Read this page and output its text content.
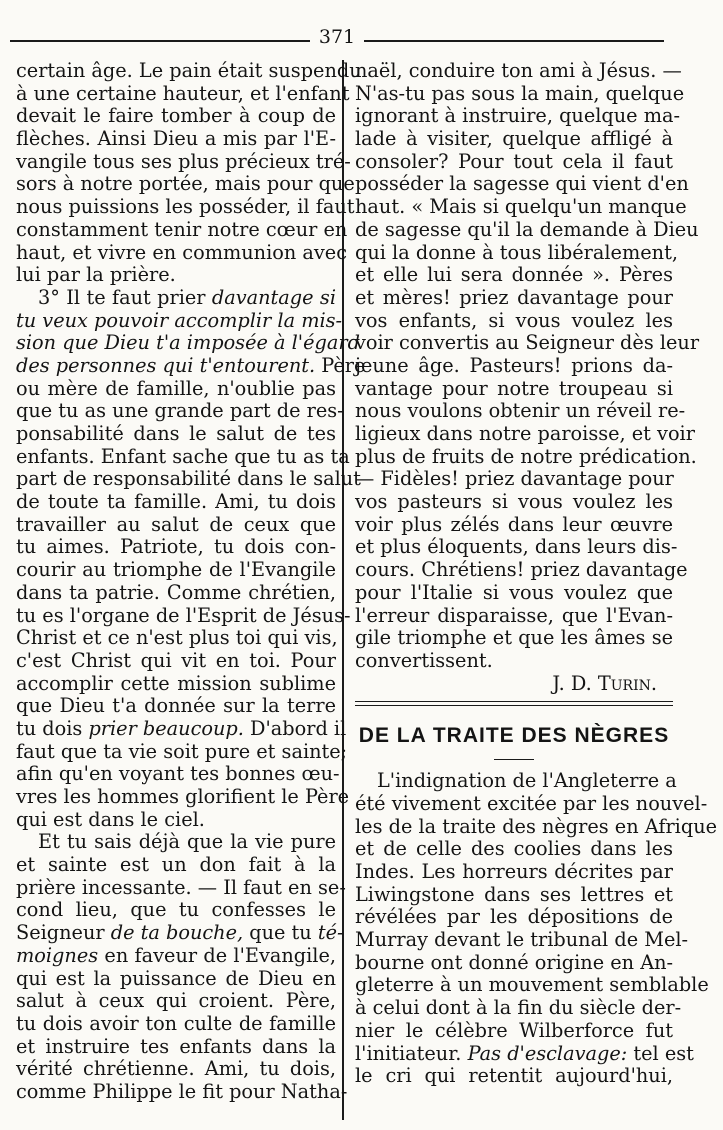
371
certain âge. Le pain était suspendu
à une certaine hauteur, et l'enfant
devait le faire tomber à coup de
flèches. Ainsi Dieu a mis par l'E-
vangile tous ses plus précieux tré-
sors à notre portée, mais pour que
nous puissions les posséder, il faut
constamment tenir notre cœur en
haut, et vivre en communion avec
lui par la prière.
3° Il te faut prier davantage si
tu veux pouvoir accomplir la mis-
sion que Dieu t'a imposée à l'égard
des personnes qui t'entourent. Père
ou mère de famille, n'oublie pas
que tu as une grande part de res-
ponsabilité dans le salut de tes
enfants. Enfant sache que tu as ta
part de responsabilité dans le salut
de toute ta famille. Ami, tu dois
travailler au salut de ceux que
tu aimes. Patriote, tu dois con-
courir au triomphe de l'Evangile
dans ta patrie. Comme chrétien,
tu es l'organe de l'Esprit de Jésus-
Christ et ce n'est plus toi qui vis,
c'est Christ qui vit en toi. Pour
accomplir cette mission sublime
que Dieu t'a donnée sur la terre
tu dois prier beaucoup. D'abord il
faut que ta vie soit pure et sainte;
afin qu'en voyant tes bonnes œu-
vres les hommes glorifient le Père
qui est dans le ciel.
Et tu sais déjà que la vie pure
et sainte est un don fait à la
prière incessante. — Il faut en se-
cond lieu, que tu confesses le
Seigneur de ta bouche, que tu té-
moignes en faveur de l'Evangile,
qui est la puissance de Dieu en
salut à ceux qui croient. Père,
tu dois avoir ton culte de famille
et instruire tes enfants dans la
vérité chrétienne. Ami, tu dois,
comme Philippe le fit pour Natha-
naël, conduire ton ami à Jésus. —
N'as-tu pas sous la main, quelque
ignorant à instruire, quelque ma-
lade à visiter, quelque affligé à
consoler? Pour tout cela il faut
posséder la sagesse qui vient d'en
haut. « Mais si quelqu'un manque
de sagesse qu'il la demande à Dieu
qui la donne à tous libéralement,
et elle lui sera donnée ». Pères
et mères! priez davantage pour
vos enfants, si vous voulez les
voir convertis au Seigneur dès leur
jeune âge. Pasteurs! prions da-
vantage pour notre troupeau si
nous voulons obtenir un réveil re-
ligieux dans notre paroisse, et voir
plus de fruits de notre prédication.
— Fidèles! priez davantage pour
vos pasteurs si vous voulez les
voir plus zélés dans leur œuvre
et plus éloquents, dans leurs dis-
cours. Chrétiens! priez davantage
pour l'Italie si vous voulez que
l'erreur disparaisse, que l'Evan-
gile triomphe et que les âmes se
convertissent.
J. D. Turin.
DE LA TRAITE DES NÈGRES
L'indignation de l'Angleterre a
été vivement excitée par les nouvel-
les de la traite des nègres en Afrique
et de celle des coolies dans les
Indes. Les horreurs décrites par
Liwingstone dans ses lettres et
révélées par les dépositions de
Murray devant le tribunal de Mel-
bourne ont donné origine en An-
gleterre à un mouvement semblable
à celui dont à la fin du siècle der-
nier le célèbre Wilberforce fut
l'initiateur. Pas d'esclavage: tel est
le cri qui retentit aujourd'hui,
